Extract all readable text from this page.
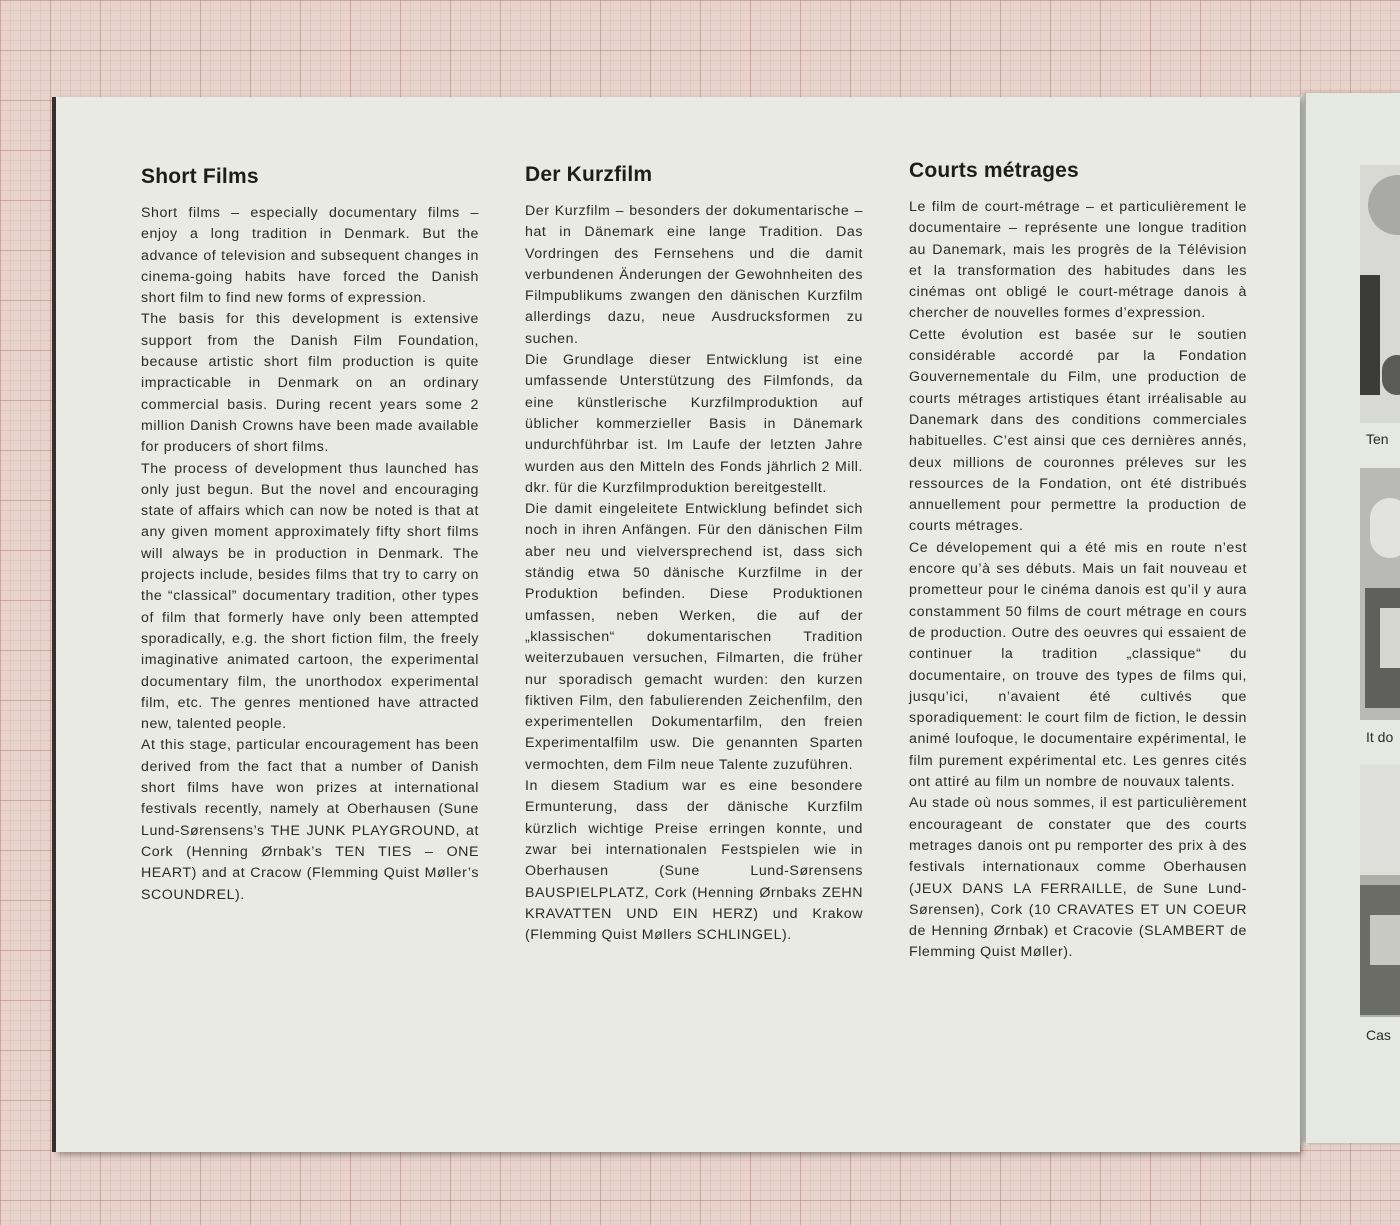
Short Films

Short films – especially documentary films – enjoy a long tradition in Denmark. But the advance of television and subsequent changes in cinema-going habits have forced the Danish short film to find new forms of expression.

The basis for this development is extensive support from the Danish Film Foundation, because artistic short film production is quite impracticable in Denmark on an ordinary commercial basis. During recent years some 2 million Danish Crowns have been made available for producers of short films.

The process of development thus launched has only just begun. But the novel and encouraging state of affairs which can now be noted is that at any given moment approximately fifty short films will always be in production in Denmark. The projects include, besides films that try to carry on the “classical” documentary tradition, other types of film that formerly have only been attempted sporadically, e.g. the short fiction film, the freely imaginative animated cartoon, the experimental documentary film, the unorthodox experimental film, etc. The genres mentioned have attracted new, talented people.

At this stage, particular encouragement has been derived from the fact that a number of Danish short films have won prizes at international festivals recently, namely at Oberhausen (Sune Lund-Sørensens’s THE JUNK PLAYGROUND, at Cork (Henning Ørnbak’s TEN TIES – ONE HEART) and at Cracow (Flemming Quist Møller’s SCOUNDREL).

Der Kurzfilm

Der Kurzfilm – besonders der dokumentarische – hat in Dänemark eine lange Tradition. Das Vordringen des Fernsehens und die damit verbundenen Änderungen der Gewohnheiten des Filmpublikums zwangen den dänischen Kurzfilm allerdings dazu, neue Ausdrucksformen zu suchen.

Die Grundlage dieser Entwicklung ist eine umfassende Unterstützung des Filmfonds, da eine künstlerische Kurzfilmproduktion auf üblicher kommerzieller Basis in Dänemark undurchführbar ist. Im Laufe der letzten Jahre wurden aus den Mitteln des Fonds jährlich 2 Mill. dkr. für die Kurzfilmproduktion bereitgestellt.

Die damit eingeleitete Entwicklung befindet sich noch in ihren Anfängen. Für den dänischen Film aber neu und vielversprechend ist, dass sich ständig etwa 50 dänische Kurzfilme in der Produktion befinden. Diese Produktionen umfassen, neben Werken, die auf der „klassischen“ dokumentarischen Tradition weiterzubauen versuchen, Filmarten, die früher nur sporadisch gemacht wurden: den kurzen fiktiven Film, den fabulierenden Zeichenfilm, den experimentellen Dokumentarfilm, den freien Experimentalfilm usw. Die genannten Sparten vermochten, dem Film neue Talente zuzuführen.

In diesem Stadium war es eine besondere Ermunterung, dass der dänische Kurzfilm kürzlich wichtige Preise erringen konnte, und zwar bei internationalen Festspielen wie in Oberhausen (Sune Lund-Sørensens BAUSPIELPLATZ, Cork (Henning Ørnbaks ZEHN KRAVATTEN UND EIN HERZ) und Krakow (Flemming Quist Møllers SCHLINGEL).

Courts métrages

Le film de court-métrage – et particulièrement le documentaire – représente une longue tradition au Danemark, mais les progrès de la Télévision et la transformation des habitudes dans les cinémas ont obligé le court-métrage danois à chercher de nouvelles formes d’expression.

Cette évolution est basée sur le soutien considérable accordé par la Fondation Gouvernementale du Film, une production de courts métrages artistiques étant irréalisable au Danemark dans des conditions commerciales habituelles. C’est ainsi que ces dernières annés, deux millions de couronnes préleves sur les ressources de la Fondation, ont été distribués annuellement pour permettre la production de courts métrages.

Ce dévelopement qui a été mis en route n’est encore qu’à ses débuts. Mais un fait nouveau et prometteur pour le cinéma danois est qu’il y aura constamment 50 films de court métrage en cours de production. Outre des oeuvres qui essaient de continuer la tradition „classique“ du documentaire, on trouve des types de films qui, jusqu’ici, n’avaient été cultivés que sporadiquement: le court film de fiction, le dessin animé loufoque, le documentaire expérimental, le film purement expérimental etc. Les genres cités ont attiré au film un nombre de nouvaux talents.

Au stade où nous sommes, il est particulièrement encourageant de constater que des courts metrages danois ont pu remporter des prix à des festivals internationaux comme Oberhausen (JEUX DANS LA FERRAILLE, de Sune Lund-Sørensen), Cork (10 CRAVATES ET UN COEUR de Henning Ørnbak) et Cracovie (SLAMBERT de Flemming Quist Møller).

Ten
It do
Cas
